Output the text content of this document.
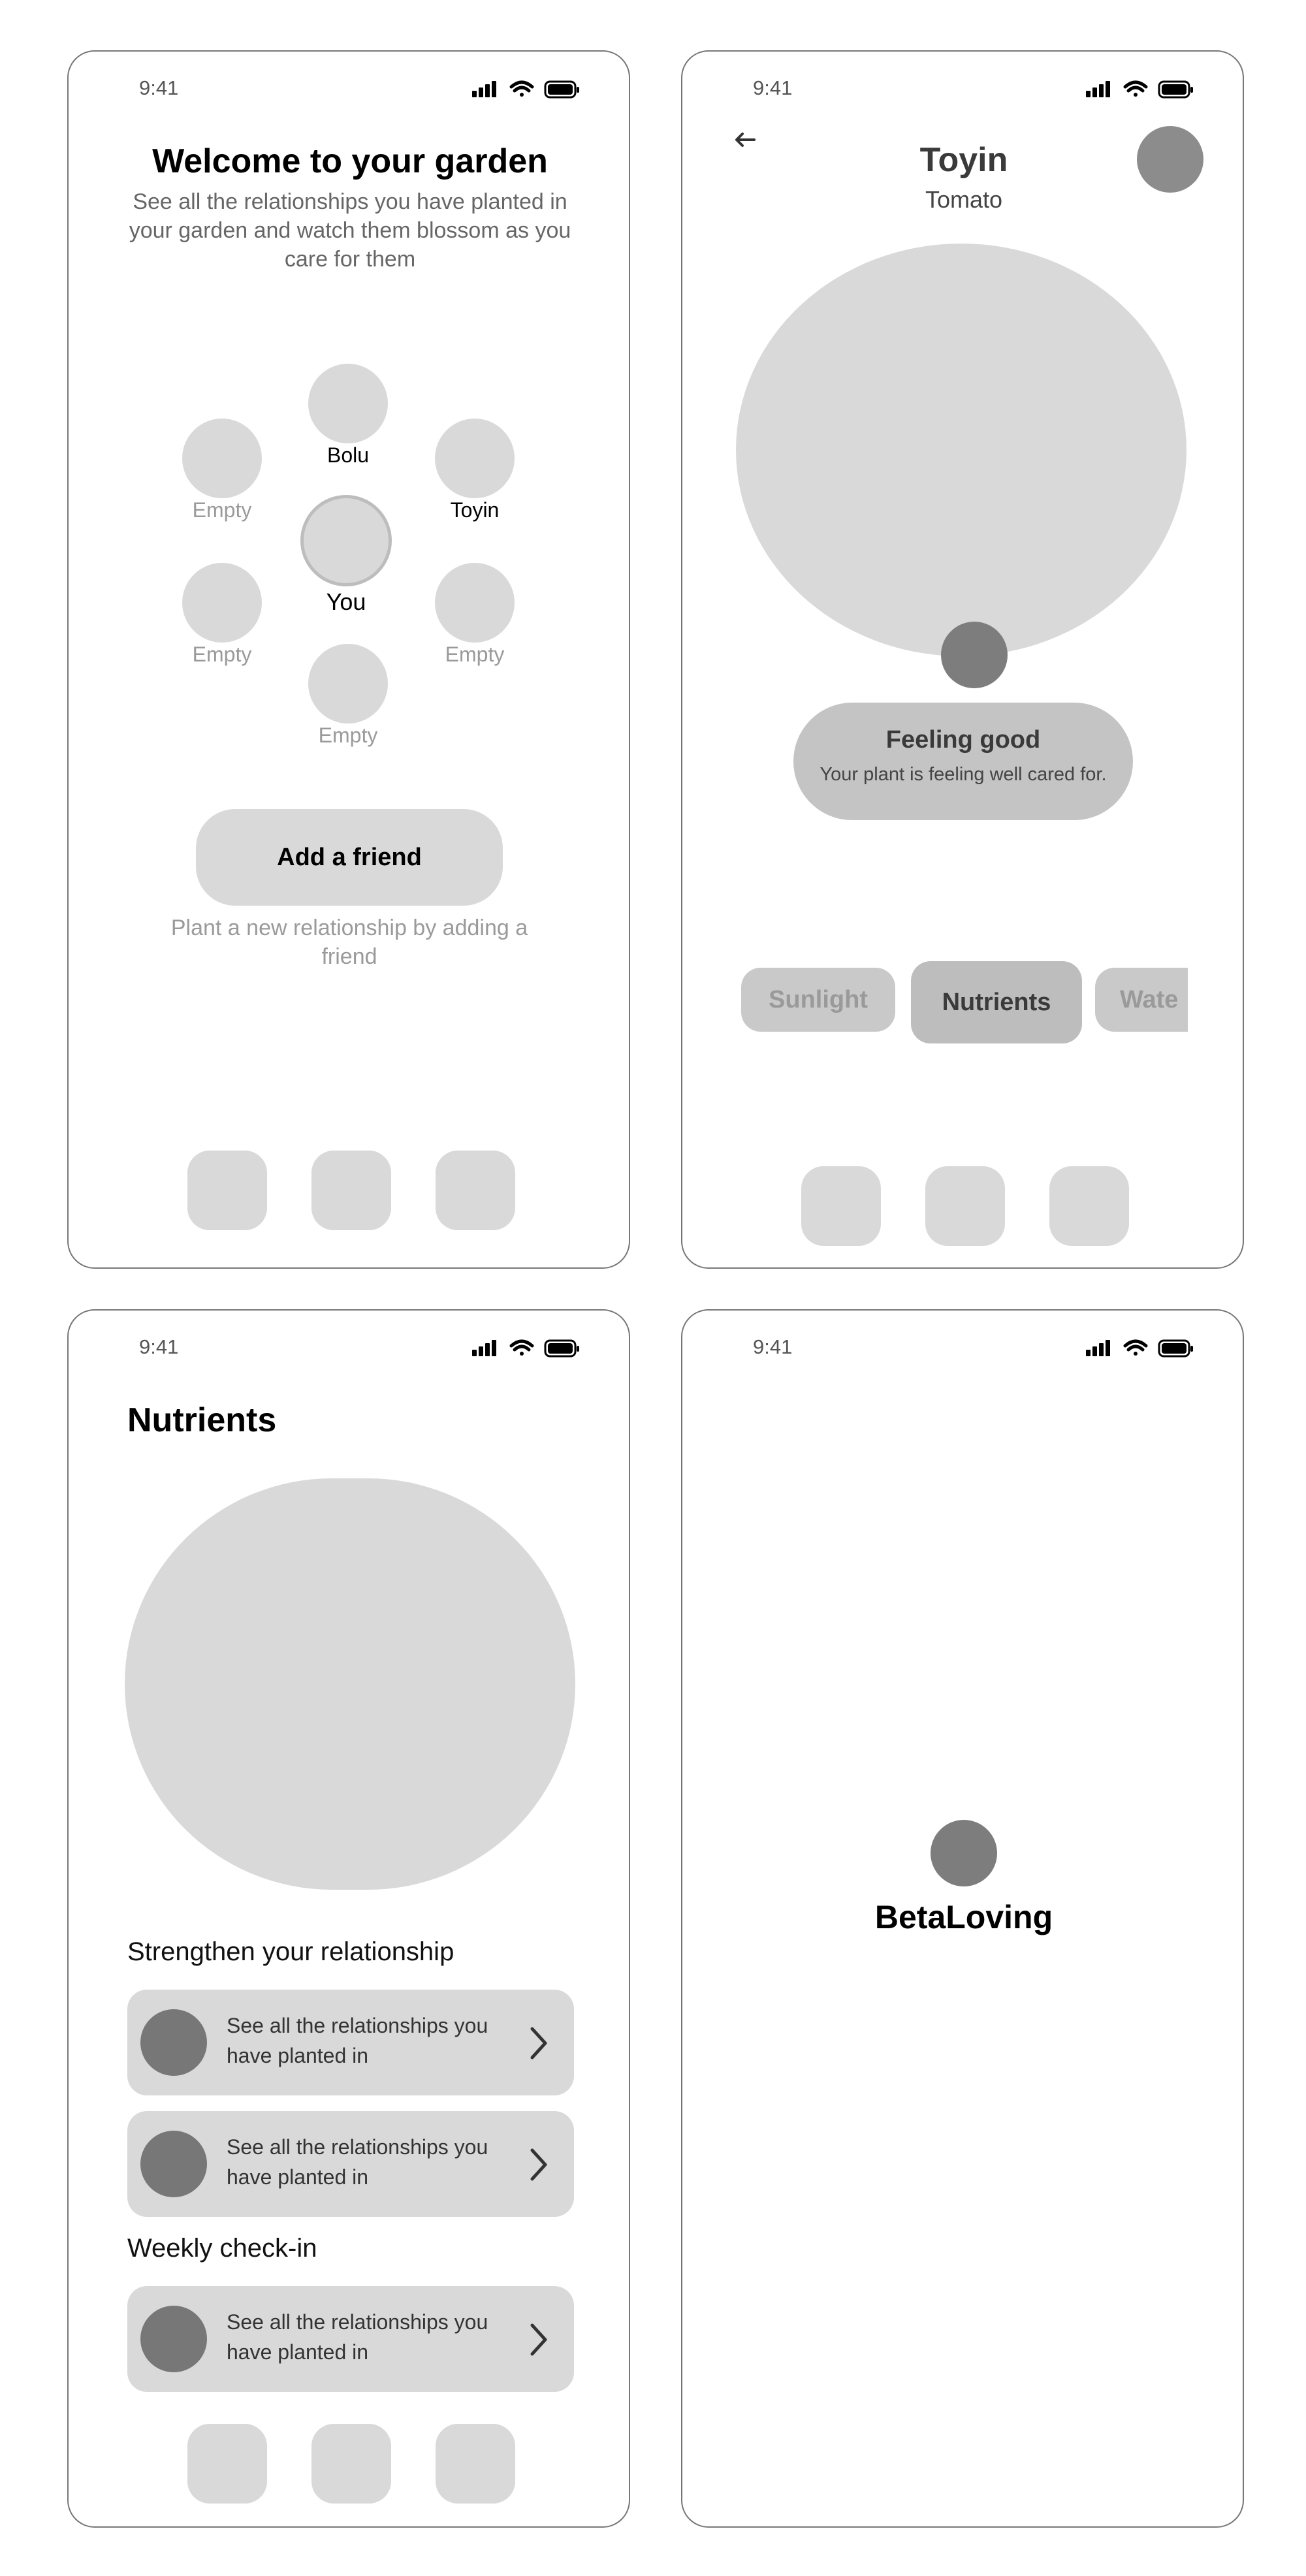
9:41
Welcome to your garden
See all the relationships you have planted in your garden and watch them blossom as you care for them
Bolu
Empty	Toyin
You
Empty	Empty
Empty
Add a friend
Plant a new relationship by adding a friend
9:41
Toyin
Tomato
Feeling good
Your plant is feeling well cared for.
Sunlight	Nutrients	Wate
9:41
Nutrients
Strengthen your relationship
See all the relationships you have planted in
See all the relationships you have planted in
Weekly check-in
See all the relationships you have planted in
9:41
BetaLoving
